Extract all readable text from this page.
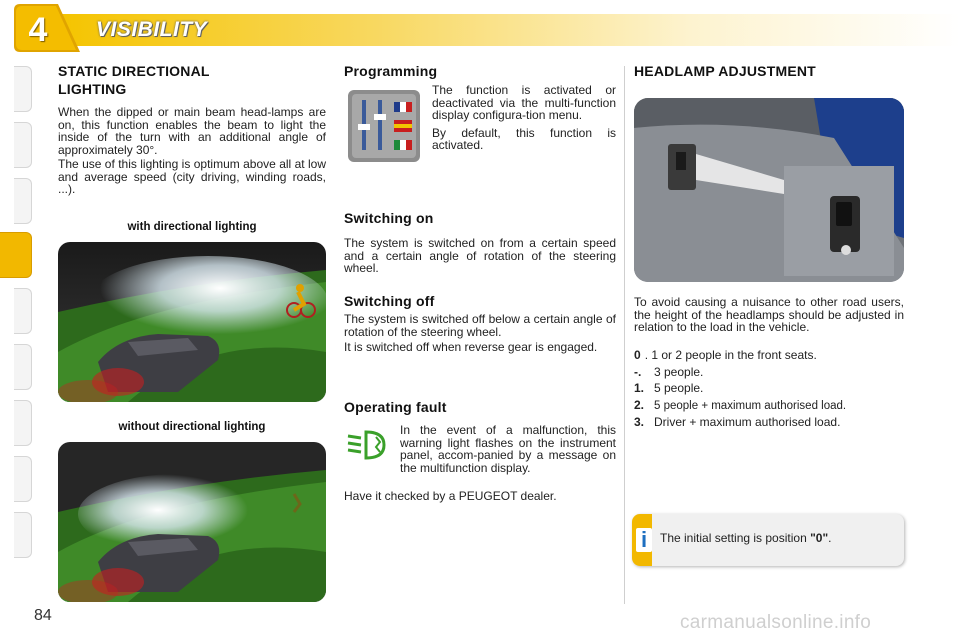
4	VISIBILITY
STATIC DIRECTIONAL LIGHTING

When the dipped or main beam head-lamps are on, this function enables the beam to light the inside of the turn with an additional angle of approximately 30°.

The use of this lighting is optimum above all at low and average speed (city driving, winding roads, ...).

with directional lighting
without directional lighting
Programming

The function is activated or deactivated via the multi-function display configura-tion menu.

By default, this function is activated.

Switching on

The system is switched on from a certain speed and a certain angle of rotation of the steering wheel.

Switching off

The system is switched off below a certain angle of rotation of the steering wheel.

It is switched off when reverse gear is engaged.

Operating fault

In the event of a malfunction, this warning light flashes on the instrument panel, accom-panied by a message on the multifunction display.

Have it checked by a PEUGEOT dealer.

HEADLAMP ADJUSTMENT

To avoid causing a nuisance to other road users, the height of the headlamps should be adjusted in relation to the load in the vehicle.

0 . 1 or 2 people in the front seats.
-. 3 people.
1. 5 people.
2. 5 people + maximum authorised load.
3. Driver + maximum authorised load.
i	The initial setting is position "0".
84	carmanualsonline.info
